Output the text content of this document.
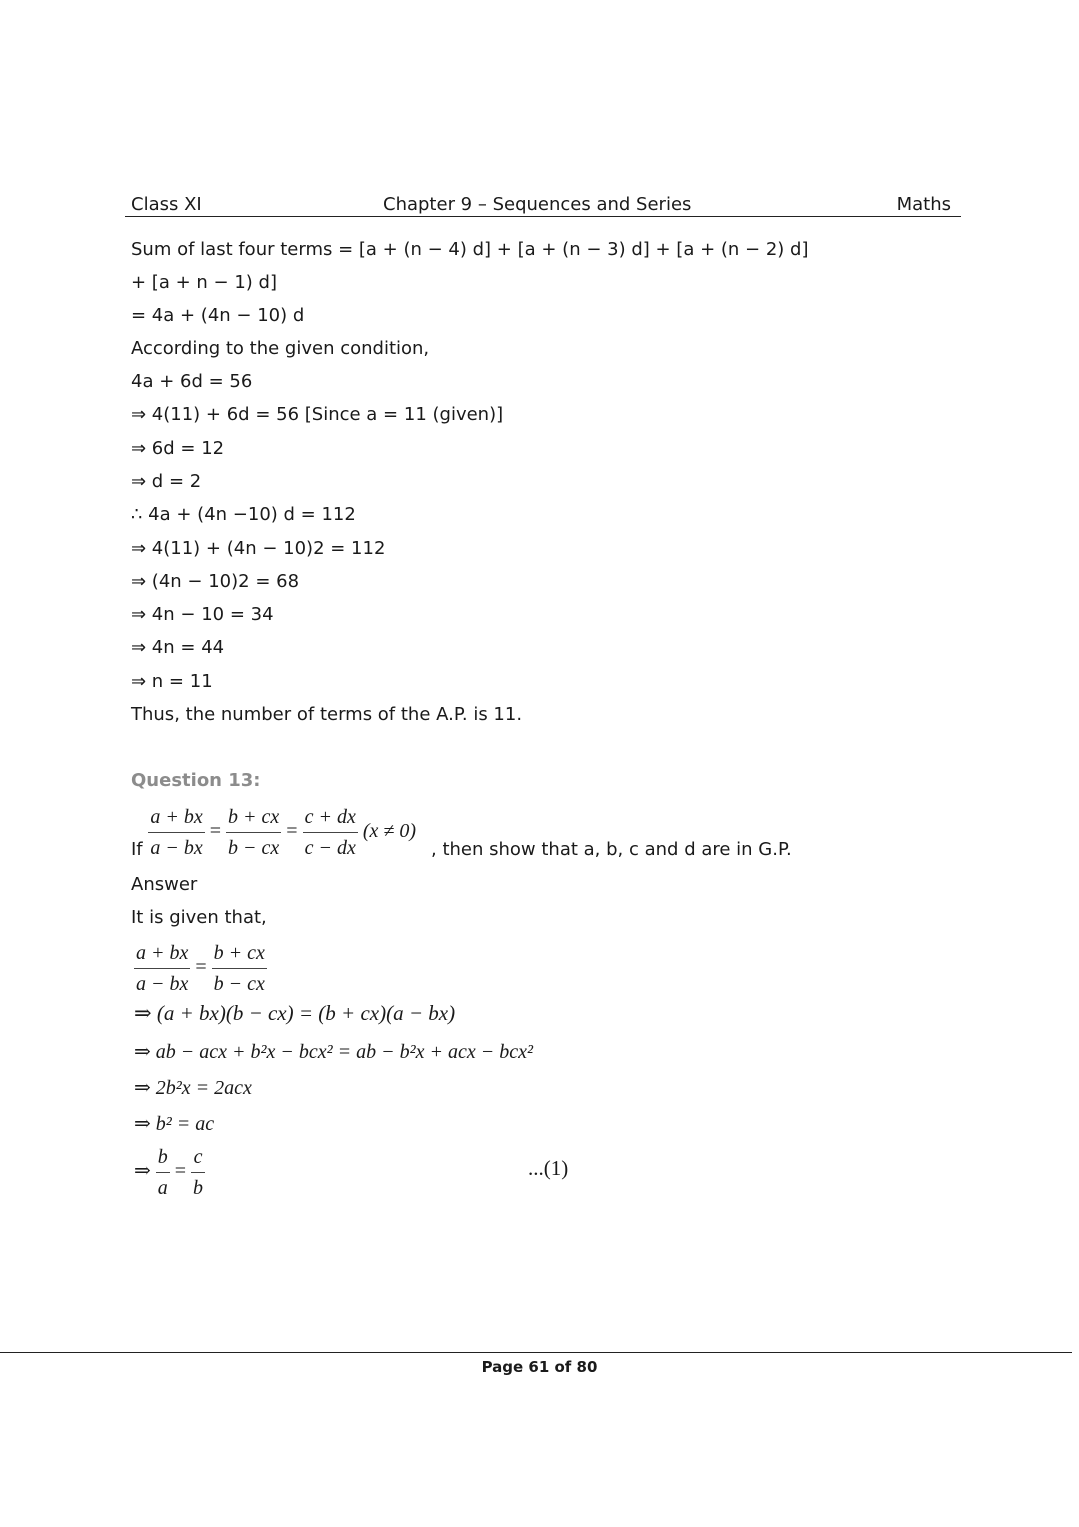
Class XI	Chapter 9 – Sequences and Series	Maths
Sum of last four terms = [a + (n − 4) d] + [a + (n − 3) d] + [a + (n − 2) d]
+ [a + n − 1) d]
= 4a + (4n − 10) d
According to the given condition,
4a + 6d = 56
⇒ 4(11) + 6d = 56 [Since a = 11 (given)]
⇒ 6d = 12
⇒ d = 2
∴ 4a + (4n −10) d = 112
⇒ 4(11) + (4n − 10)2 = 112
⇒ (4n − 10)2 = 68
⇒ 4n − 10 = 34
⇒ 4n = 44
⇒ n = 11
Thus, the number of terms of the A.P. is 11.
Question 13:
If $\frac{a + bx}{a - bx} = \frac{b + cx}{b - cx} = \frac{c + dx}{c - dx} (x \ne 0)$ , then show that a, b, c and d are in G.P.
Answer
It is given that,
$\frac{a + bx}{a - bx} = \frac{b + cx}{b - cx}$
⇒ (a + bx)(b − cx) = (b + cx)(a − bx)
⇒ ab − acx + b²x − bcx² = ab − b²x + acx − bcx²
⇒ 2b²x = 2acx
⇒ b² = ac
⇒ $\frac{b}{a} = \frac{c}{b}$	...(1)
Page 61 of 80
